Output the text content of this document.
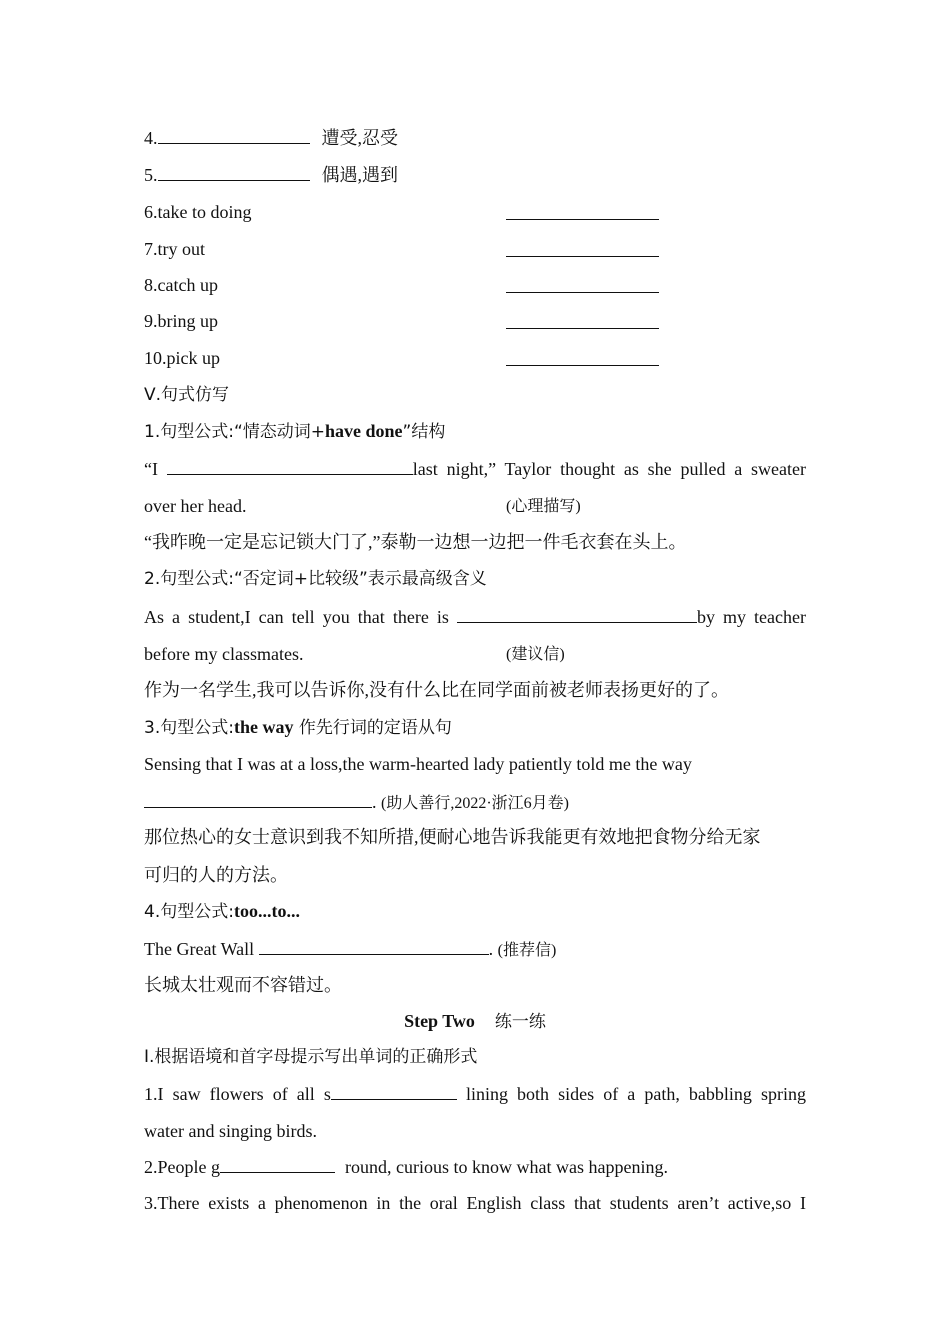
4.	遭受,忍受
5.	偶遇,遇到
6.take to doing
7.try out
8.catch up
9.bring up
10.pick up
Ⅴ.句式仿写
1.句型公式:“情态动词+have done”结构
“I	last night,” Taylor thought as she pulled a sweater
over her head.	(心理描写)
“我昨晚一定是忘记锁大门了,”泰勒一边想一边把一件毛衣套在头上。
2.句型公式:“否定词+比较级”表示最高级含义
As a student,I can tell you that there is	by my teacher
before my classmates.	(建议信)
作为一名学生,我可以告诉你,没有什么比在同学面前被老师表扬更好的了。
3.句型公式:the way 作先行词的定语从句
Sensing that I was at a loss,the warm-hearted lady patiently told me the way
. (助人善行,2022·浙江6月卷)
那位热心的女士意识到我不知所措,便耐心地告诉我能更有效地把食物分给无家
可归的人的方法。
4.句型公式:too...to...
The Great Wall	. (推荐信)
长城太壮观而不容错过。
Step Two 练一练
Ⅰ.根据语境和首字母提示写出单词的正确形式
1.I saw flowers of all s	lining both sides of a path, babbling spring
water and singing birds.
2.People g	round, curious to know what was happening.
3.There exists a phenomenon in the oral English class that students aren’t active,so I
